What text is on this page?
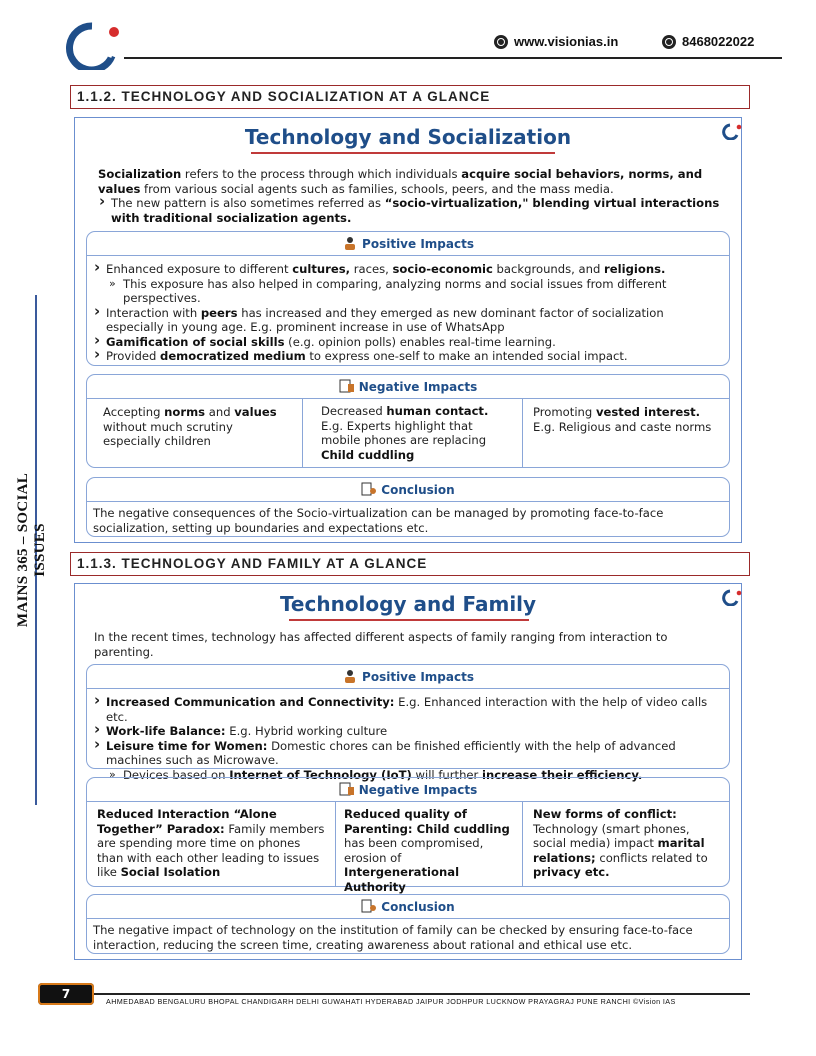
www.visionias.in	8468022022
MAINS 365 – SOCIAL ISSUES
1.1.2. TECHNOLOGY AND SOCIALIZATION AT A GLANCE
Technology and Socialization
Socialization refers to the process through which individuals acquire social behaviors, norms, and values from various social agents such as families, schools, peers, and the mass media.
› The new pattern is also sometimes referred as “socio-virtualization," blending virtual interactions with traditional socialization agents.
Positive Impacts
› Enhanced exposure to different cultures, races, socio-economic backgrounds, and religions.
» This exposure has also helped in comparing, analyzing norms and social issues from different perspectives.
› Interaction with peers has increased and they emerged as new dominant factor of socialization especially in young age. E.g. prominent increase in use of WhatsApp
› Gamification of social skills (e.g. opinion polls) enables real-time learning.
› Provided democratized medium to express one-self to make an intended social impact.
Negative Impacts
Accepting norms and values without much scrutiny especially children
Decreased human contact. E.g. Experts highlight that mobile phones are replacing Child cuddling
Promoting vested interest. E.g. Religious and caste norms
Conclusion
The negative consequences of the Socio-virtualization can be managed by promoting face-to-face socialization, setting up boundaries and expectations etc.
1.1.3. TECHNOLOGY AND FAMILY AT A GLANCE
Technology and Family
In the recent times, technology has affected different aspects of family ranging from interaction to parenting.
Positive Impacts
› Increased Communication and Connectivity: E.g. Enhanced interaction with the help of video calls etc.
› Work-life Balance: E.g. Hybrid working culture
› Leisure time for Women: Domestic chores can be finished efficiently with the help of advanced machines such as Microwave.
» Devices based on Internet of Technology (IoT) will further increase their efficiency.
Negative Impacts
Reduced Interaction “Alone Together” Paradox: Family members are spending more time on phones than with each other leading to issues like Social Isolation
Reduced quality of Parenting: Child cuddling has been compromised, erosion of Intergenerational Authority
New forms of conflict: Technology (smart phones, social media) impact marital relations; conflicts related to privacy etc.
Conclusion
The negative impact of technology on the institution of family can be checked by ensuring face-to-face interaction, reducing the screen time, creating awareness about rational and ethical use etc.
7
AHMEDABAD BENGALURU BHOPAL CHANDIGARH DELHI GUWAHATI HYDERABAD JAIPUR JODHPUR LUCKNOW PRAYAGRAJ PUNE RANCHI ©Vision IAS
